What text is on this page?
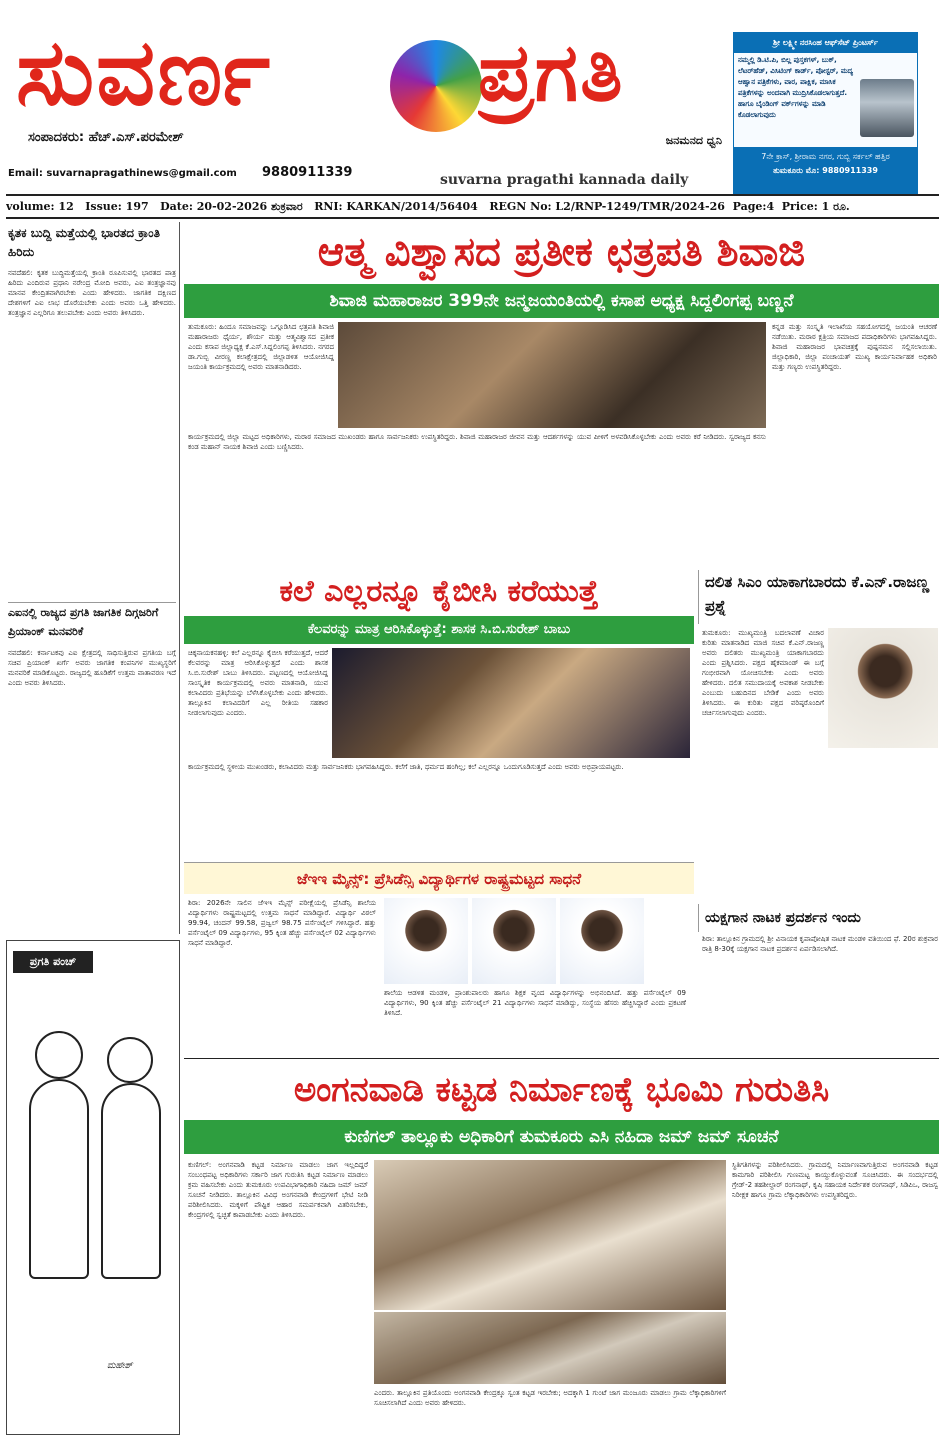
ಸುವರ್ಣ	ಪ್ರಗತಿ
ಸಂಪಾದಕರು: ಹೆಚ್.ಎಸ್.ಪರಮೇಶ್	ಜನಮನದ ಧ್ವನಿ
Email: suvarnapragathinews@gmail.com	9880911339	suvarna pragathi kannada daily
ಶ್ರೀ ಲಕ್ಷ್ಮೀ ನರಸಿಂಹ ಆಫ್‌ಸೆಟ್ ಪ್ರಿಂಟರ್ಸ್
ನಮ್ಮಲ್ಲಿ ಡಿ.ಟಿ.ಪಿ, ಬಿಲ್ಲ ಪುಸ್ತಕಗಳ್, ಬುಕ್, ಲೆಟರ್‌ಹೆಡ್, ವಿಸಿಟಿಂಗ್ ಕಾರ್ಡ್, ಪೋಸ್ಟರ್, ಮದ್ಯ ಆಹ್ವಾನ ಪತ್ರಿಕೆಗಳು, ವಾರ, ಪಾಕ್ಷಿಕ, ಮಾಸಿಕ ಪತ್ರಿಕೆಗಳನ್ನು ಅಂದವಾಗಿ ಮುದ್ರಿಸಿಕೊಡಲಾಗುತ್ತದೆ. ಹಾಗೂ ಬೈಂಡಿಂಗ್ ವರ್ಕ್‌ಗಳನ್ನು ಮಾಡಿ ಕೊಡಲಾಗುವುದು
7ನೇ ಕ್ರಾಸ್, ಶ್ರೀರಾಮ ನಗರ, ಗುಬ್ಬಿ ಸರ್ಕಲ್ ಹತ್ತಿರ
ತುಮಕೂರು ಮೊ: 9880911339
volume: 12 Issue: 197 Date: 20-02-2026 ಶುಕ್ರವಾರ RNI: KARKAN/2014/56404 REGN No: L2/RNP-1249/TMR/2024-26 Page:4 Price: 1 ರೂ.
ಕೃತಕ ಬುದ್ದಿ ಮತ್ತೆಯಲ್ಲಿ ಭಾರತದ ಕ್ರಾಂತಿ ಹಿರಿದು
ನವದೆಹಲಿ: ಕೃತಕ ಬುದ್ಧಿಮತ್ತೆಯಲ್ಲಿ ಕ್ರಾಂತಿ ರೂಪಿಸುವಲ್ಲಿ ಭಾರತದ ಪಾತ್ರ ಹಿರಿದು ಎಂದಿರುವ ಪ್ರಧಾನಿ ನರೇಂದ್ರ ಮೋದಿ ಅವರು, ಎಐ ತಂತ್ರಜ್ಞಾನವು ಮಾನವ ಕೇಂದ್ರಿತವಾಗಿರಬೇಕು ಎಂದು ಹೇಳಿದರು. ಜಾಗತಿಕ ದಕ್ಷಿಣದ ದೇಶಗಳಿಗೆ ಎಐ ಲಾಭ ದೊರೆಯಬೇಕು ಎಂದು ಅವರು ಒತ್ತಿ ಹೇಳಿದರು. ತಂತ್ರಜ್ಞಾನ ಎಲ್ಲರಿಗೂ ತಲುಪಬೇಕು ಎಂದು ಅವರು ತಿಳಿಸಿದರು.
ಎಐನಲ್ಲಿ ರಾಜ್ಯದ ಪ್ರಗತಿ ಜಾಗತಿಕ ದಿಗ್ಗಜರಿಗೆ ಪ್ರಿಯಾಂಕ್ ಮನವರಿಕೆ
ನವದೆಹಲಿ: ಕರ್ನಾಟಕವು ಎಐ ಕ್ಷೇತ್ರದಲ್ಲಿ ಸಾಧಿಸುತ್ತಿರುವ ಪ್ರಗತಿಯ ಬಗ್ಗೆ ಸಚಿವ ಪ್ರಿಯಾಂಕ್ ಖರ್ಗೆ ಅವರು ಜಾಗತಿಕ ಕಂಪನಿಗಳ ಮುಖ್ಯಸ್ಥರಿಗೆ ಮನವರಿಕೆ ಮಾಡಿಕೊಟ್ಟರು. ರಾಜ್ಯದಲ್ಲಿ ಹೂಡಿಕೆಗೆ ಉತ್ತಮ ವಾತಾವರಣ ಇದೆ ಎಂದು ಅವರು ತಿಳಿಸಿದರು.
ಪ್ರಗತಿ ಪಂಚ್
ಮಹೇಶ್
ಆತ್ಮ ವಿಶ್ವಾಸದ ಪ್ರತೀಕ ಛತ್ರಪತಿ ಶಿವಾಜಿ
ಶಿವಾಜಿ ಮಹಾರಾಜರ 399ನೇ ಜನ್ಮಜಯಂತಿಯಲ್ಲಿ ಕಸಾಪ ಅಧ್ಯಕ್ಷ ಸಿದ್ದಲಿಂಗಪ್ಪ ಬಣ್ಣನೆ
ತುಮಕೂರು: ಹಿಂದೂ ಸಮಾಜವನ್ನು ಒಗ್ಗೂಡಿಸಿದ ಛತ್ರಪತಿ ಶಿವಾಜಿ ಮಹಾರಾಜರು ಧೈರ್ಯ, ಶೌರ್ಯ ಮತ್ತು ಆತ್ಮವಿಶ್ವಾಸದ ಪ್ರತೀಕ ಎಂದು ಕಸಾಪ ಜಿಲ್ಲಾಧ್ಯಕ್ಷ ಕೆ.ಎಸ್.ಸಿದ್ದಲಿಂಗಪ್ಪ ತಿಳಿಸಿದರು. ನಗರದ ಡಾ.ಗುಬ್ಬಿ ವೀರಣ್ಣ ಕಲಾಕ್ಷೇತ್ರದಲ್ಲಿ ಜಿಲ್ಲಾಡಳಿತ ಆಯೋಜಿಸಿದ್ದ ಜಯಂತಿ ಕಾರ್ಯಕ್ರಮದಲ್ಲಿ ಅವರು ಮಾತನಾಡಿದರು.
ಕಾರ್ಯಕ್ರಮದಲ್ಲಿ ಜಿಲ್ಲಾ ಮಟ್ಟದ ಅಧಿಕಾರಿಗಳು, ಮರಾಠ ಸಮಾಜದ ಮುಖಂಡರು ಹಾಗೂ ಸಾರ್ವಜನಿಕರು ಉಪಸ್ಥಿತರಿದ್ದರು. ಶಿವಾಜಿ ಮಹಾರಾಜರ ಜೀವನ ಮತ್ತು ಆದರ್ಶಗಳನ್ನು ಯುವ ಪೀಳಿಗೆ ಅಳವಡಿಸಿಕೊಳ್ಳಬೇಕು ಎಂದು ಅವರು ಕರೆ ನೀಡಿದರು. ಸ್ವರಾಜ್ಯದ ಕನಸು ಕಂಡ ಮಹಾನ್ ನಾಯಕ ಶಿವಾಜಿ ಎಂದು ಬಣ್ಣಿಸಿದರು.
ಕನ್ನಡ ಮತ್ತು ಸಂಸ್ಕೃತಿ ಇಲಾಖೆಯ ಸಹಯೋಗದಲ್ಲಿ ಜಯಂತಿ ಆಚರಣೆ ನಡೆಯಿತು. ಮರಾಠ ಕ್ಷತ್ರಿಯ ಸಮಾಜದ ಪದಾಧಿಕಾರಿಗಳು ಭಾಗವಹಿಸಿದ್ದರು. ಶಿವಾಜಿ ಮಹಾರಾಜರ ಭಾವಚಿತ್ರಕ್ಕೆ ಪುಷ್ಪನಮನ ಸಲ್ಲಿಸಲಾಯಿತು. ಜಿಲ್ಲಾಧಿಕಾರಿ, ಜಿಲ್ಲಾ ಪಂಚಾಯತ್ ಮುಖ್ಯ ಕಾರ್ಯನಿರ್ವಾಹಕ ಅಧಿಕಾರಿ ಮತ್ತು ಗಣ್ಯರು ಉಪಸ್ಥಿತರಿದ್ದರು.
ಕಲೆ ಎಲ್ಲರನ್ನೂ ಕೈಬೀಸಿ ಕರೆಯುತ್ತೆ
ಕೆಲವರನ್ನು ಮಾತ್ರ ಆರಿಸಿಕೊಳ್ಳುತ್ತೆ: ಶಾಸಕ ಸಿ.ಬಿ.ಸುರೇಶ್ ಬಾಬು
ಚಿಕ್ಕನಾಯಕನಹಳ್ಳಿ: ಕಲೆ ಎಲ್ಲರನ್ನೂ ಕೈಬೀಸಿ ಕರೆಯುತ್ತದೆ, ಆದರೆ ಕೆಲವರನ್ನು ಮಾತ್ರ ಆರಿಸಿಕೊಳ್ಳುತ್ತದೆ ಎಂದು ಶಾಸಕ ಸಿ.ಬಿ.ಸುರೇಶ್ ಬಾಬು ತಿಳಿಸಿದರು. ಪಟ್ಟಣದಲ್ಲಿ ಆಯೋಜಿಸಿದ್ದ ಸಾಂಸ್ಕೃತಿಕ ಕಾರ್ಯಕ್ರಮದಲ್ಲಿ ಅವರು ಮಾತನಾಡಿ, ಯುವ ಕಲಾವಿದರು ಪ್ರತಿಭೆಯನ್ನು ಬೆಳೆಸಿಕೊಳ್ಳಬೇಕು ಎಂದು ಹೇಳಿದರು. ತಾಲ್ಲೂಕಿನ ಕಲಾವಿದರಿಗೆ ಎಲ್ಲ ರೀತಿಯ ಸಹಕಾರ ನೀಡಲಾಗುವುದು ಎಂದರು.
ಕಾರ್ಯಕ್ರಮದಲ್ಲಿ ಸ್ಥಳೀಯ ಮುಖಂಡರು, ಕಲಾವಿದರು ಮತ್ತು ಸಾರ್ವಜನಿಕರು ಭಾಗವಹಿಸಿದ್ದರು. ಕಲೆಗೆ ಜಾತಿ, ಧರ್ಮದ ಹಂಗಿಲ್ಲ; ಕಲೆ ಎಲ್ಲರನ್ನೂ ಒಂದುಗೂಡಿಸುತ್ತದೆ ಎಂದು ಅವರು ಅಭಿಪ್ರಾಯಪಟ್ಟರು.
ಜೆಇಇ ಮೈನ್ಸ್: ಪ್ರೆಸಿಡೆನ್ಸಿ ವಿದ್ಯಾರ್ಥಿಗಳ ರಾಷ್ಟ್ರಮಟ್ಟದ ಸಾಧನೆ
ಶಿರಾ: 2026ನೇ ಸಾಲಿನ ಜೆಇಇ ಮೈನ್ಸ್ ಪರೀಕ್ಷೆಯಲ್ಲಿ ಪ್ರೆಸಿಡೆನ್ಸಿ ಶಾಲೆಯ ವಿದ್ಯಾರ್ಥಿಗಳು ರಾಷ್ಟ್ರಮಟ್ಟದಲ್ಲಿ ಉತ್ತಮ ಸಾಧನೆ ಮಾಡಿದ್ದಾರೆ. ವಿದ್ಯಾರ್ಥಿ ವಿಠಲ್ 99.94, ಚಂದನ್ 99.58, ಪ್ರಜ್ವಲ್ 98.75 ಪರ್ಸೆಂಟೈಲ್ ಗಳಿಸಿದ್ದಾರೆ. ಹತ್ತು ಪರ್ಸೆಂಟೈಲ್ 09 ವಿದ್ಯಾರ್ಥಿಗಳು, 95 ಕ್ಕಿಂತ ಹೆಚ್ಚು ಪರ್ಸೆಂಟೈಲ್ 02 ವಿದ್ಯಾರ್ಥಿಗಳು ಸಾಧನೆ ಮಾಡಿದ್ದಾರೆ.
ಶಾಲೆಯ ಆಡಳಿತ ಮಂಡಳಿ, ಪ್ರಾಂಶುಪಾಲರು ಹಾಗೂ ಶಿಕ್ಷಕ ವೃಂದ ವಿದ್ಯಾರ್ಥಿಗಳನ್ನು ಅಭಿನಂದಿಸಿದೆ. ಹತ್ತು ಪರ್ಸೆಂಟೈಲ್ 09 ವಿದ್ಯಾರ್ಥಿಗಳು, 90 ಕ್ಕಿಂತ ಹೆಚ್ಚು ಪರ್ಸೆಂಟೈಲ್ 21 ವಿದ್ಯಾರ್ಥಿಗಳು ಸಾಧನೆ ಮಾಡಿದ್ದು, ಸಂಸ್ಥೆಯ ಹೆಸರು ಹೆಚ್ಚಿಸಿದ್ದಾರೆ ಎಂದು ಪ್ರಕಟಣೆ ತಿಳಿಸಿದೆ.
ದಲಿತ ಸಿಎಂ ಯಾಕಾಗಬಾರದು ಕೆ.ಎನ್.ರಾಜಣ್ಣ ಪ್ರಶ್ನೆ
ತುಮಕೂರು: ಮುಖ್ಯಮಂತ್ರಿ ಬದಲಾವಣೆ ವಿಚಾರ ಕುರಿತು ಮಾತನಾಡಿದ ಮಾಜಿ ಸಚಿವ ಕೆ.ಎನ್.ರಾಜಣ್ಣ ಅವರು ದಲಿತರು ಮುಖ್ಯಮಂತ್ರಿ ಯಾಕಾಗಬಾರದು ಎಂದು ಪ್ರಶ್ನಿಸಿದರು. ಪಕ್ಷದ ಹೈಕಮಾಂಡ್ ಈ ಬಗ್ಗೆ ಗಂಭೀರವಾಗಿ ಯೋಚಿಸಬೇಕು ಎಂದು ಅವರು ಹೇಳಿದರು. ದಲಿತ ಸಮುದಾಯಕ್ಕೆ ಅವಕಾಶ ನೀಡಬೇಕು ಎಂಬುದು ಬಹುದಿನದ ಬೇಡಿಕೆ ಎಂದು ಅವರು ತಿಳಿಸಿದರು. ಈ ಕುರಿತು ಪಕ್ಷದ ವರಿಷ್ಠರೊಂದಿಗೆ ಚರ್ಚಿಸಲಾಗುವುದು ಎಂದರು.
ಯಕ್ಷಗಾನ ನಾಟಕ ಪ್ರದರ್ಶನ ಇಂದು
ಶಿರಾ: ತಾಲ್ಲೂಕಿನ ಗ್ರಾಮದಲ್ಲಿ ಶ್ರೀ ವಿನಾಯಕ ಕೃಪಾಪೋಷಿತ ನಾಟಕ ಮಂಡಳಿ ವತಿಯಿಂದ ಫೆ. 20ರ ಶುಕ್ರವಾರ ರಾತ್ರಿ 8-30ಕ್ಕೆ ಯಕ್ಷಗಾನ ನಾಟಕ ಪ್ರದರ್ಶನ ಏರ್ಪಡಿಸಲಾಗಿದೆ.
ಅಂಗನವಾಡಿ ಕಟ್ಟಡ ನಿರ್ಮಾಣಕ್ಕೆ ಭೂಮಿ ಗುರುತಿಸಿ
ಕುಣಿಗಲ್ ತಾಲ್ಲೂಕು ಅಧಿಕಾರಿಗೆ ತುಮಕೂರು ಎಸಿ ನಹಿದಾ ಜಮ್ ಜಮ್ ಸೂಚನೆ
ಕುಣಿಗಲ್: ಅಂಗನವಾಡಿ ಕಟ್ಟಡ ನಿರ್ಮಾಣ ಮಾಡಲು ಜಾಗ ಇಲ್ಲದಿದ್ದರೆ ಸಂಬಂಧಪಟ್ಟ ಅಧಿಕಾರಿಗಳು ಸರ್ಕಾರಿ ಜಾಗ ಗುರುತಿಸಿ ಕಟ್ಟಡ ನಿರ್ಮಾಣ ಮಾಡಲು ಕ್ರಮ ವಹಿಸಬೇಕು ಎಂದು ತುಮಕೂರು ಉಪವಿಭಾಗಾಧಿಕಾರಿ ನಹಿದಾ ಜಮ್ ಜಮ್ ಸೂಚನೆ ನೀಡಿದರು. ತಾಲ್ಲೂಕಿನ ವಿವಿಧ ಅಂಗನವಾಡಿ ಕೇಂದ್ರಗಳಿಗೆ ಭೇಟಿ ನೀಡಿ ಪರಿಶೀಲಿಸಿದರು. ಮಕ್ಕಳಿಗೆ ಪೌಷ್ಟಿಕ ಆಹಾರ ಸಮರ್ಪಕವಾಗಿ ವಿತರಿಸಬೇಕು, ಕೇಂದ್ರಗಳಲ್ಲಿ ಸ್ವಚ್ಛತೆ ಕಾಪಾಡಬೇಕು ಎಂದು ತಿಳಿಸಿದರು.
ಎಂದರು. ತಾಲ್ಲೂಕಿನ ಪ್ರತಿಯೊಂದು ಅಂಗನವಾಡಿ ಕೇಂದ್ರಕ್ಕೂ ಸ್ವಂತ ಕಟ್ಟಡ ಇರಬೇಕು; ಅದಕ್ಕಾಗಿ 1 ಗುಂಟೆ ಜಾಗ ಮಂಜೂರು ಮಾಡಲು ಗ್ರಾಮ ಲೆಕ್ಕಾಧಿಕಾರಿಗಳಿಗೆ ಸೂಚಿಸಲಾಗಿದೆ ಎಂದು ಅವರು ಹೇಳಿದರು.
ಸ್ಥಿತಿಗತಿಗಳನ್ನು ಪರಿಶೀಲಿಸಿದರು. ಗ್ರಾಮದಲ್ಲಿ ನಿರ್ಮಾಣವಾಗುತ್ತಿರುವ ಅಂಗನವಾಡಿ ಕಟ್ಟಡ ಕಾಮಗಾರಿ ಪರಿಶೀಲಿಸಿ ಗುಣಮಟ್ಟ ಕಾಯ್ದುಕೊಳ್ಳುವಂತೆ ಸೂಚಿಸಿದರು. ಈ ಸಂದರ್ಭದಲ್ಲಿ ಗ್ರೇಡ್-2 ತಹಶೀಲ್ದಾರ್ ರಂಗನಾಥ್, ಕೃಷಿ ಸಹಾಯಕ ನಿರ್ದೇಶಕ ರಂಗನಾಥ್, ಸಿಡಿಪಿಒ, ರಾಜಸ್ವ ನಿರೀಕ್ಷಕ ಹಾಗೂ ಗ್ರಾಮ ಲೆಕ್ಕಾಧಿಕಾರಿಗಳು ಉಪಸ್ಥಿತರಿದ್ದರು.
